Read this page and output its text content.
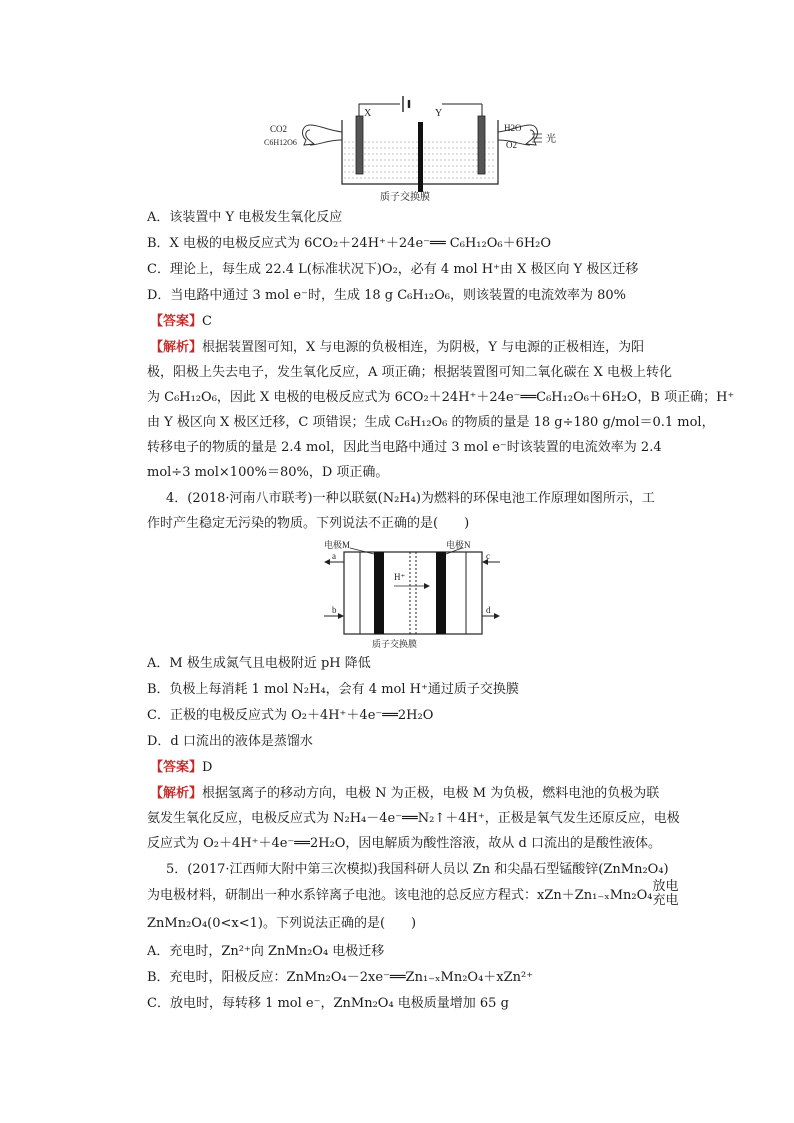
X	Y
CO2
C6H12O6
H2O
O2	光
质子交换膜
A．该装置中 Y 电极发生氧化反应
B．X 电极的电极反应式为 6CO₂＋24H⁺＋24e⁻══ C₆H₁₂O₆＋6H₂O
C．理论上，每生成 22.4 L(标准状况下)O₂，必有 4 mol H⁺由 X 极区向 Y 极区迁移
D．当电路中通过 3 mol e⁻时，生成 18 g C₆H₁₂O₆，则该装置的电流效率为 80%
【答案】C
【解析】根据装置图可知，X 与电源的负极相连，为阴极，Y 与电源的正极相连，为阳
极，阳极上失去电子，发生氧化反应，A 项正确；根据装置图可知二氧化碳在 X 电极上转化
为 C₆H₁₂O₆，因此 X 电极的电极反应式为 6CO₂＋24H⁺＋24e⁻══C₆H₁₂O₆＋6H₂O，B 项正确；H⁺
由 Y 极区向 X 极区迁移，C 项错误；生成 C₆H₁₂O₆ 的物质的量是 18 g÷180 g/mol＝0.1 mol，
转移电子的物质的量是 2.4 mol，因此当电路中通过 3 mol e⁻时该装置的电流效率为 2.4
mol÷3 mol×100%＝80%，D 项正确。
4．(2018·河南八市联考)一种以联氨(N₂H₄)为燃料的环保电池工作原理如图所示，工
作时产生稳定无污染的物质。下列说法不正确的是(　　)
电极M	电极N
a
b
c
d
H⁺
质子交换膜
A．M 极生成氮气且电极附近 pH 降低
B．负极上每消耗 1 mol N₂H₄，会有 4 mol H⁺通过质子交换膜
C．正极的电极反应式为 O₂＋4H⁺＋4e⁻══2H₂O
D．d 口流出的液体是蒸馏水
【答案】D
【解析】根据氢离子的移动方向，电极 N 为正极，电极 M 为负极，燃料电池的负极为联
氨发生氧化反应，电极反应式为 N₂H₄－4e⁻══N₂↑＋4H⁺，正极是氧气发生还原反应，电极
反应式为 O₂＋4H⁺＋4e⁻══2H₂O，因电解质为酸性溶液，故从 d 口流出的是酸性液体。
5．(2017·江西师大附中第三次模拟)我国科研人员以 Zn 和尖晶石型锰酸锌(ZnMn₂O₄)
为电极材料，研制出一种水系锌离子电池。该电池的总反应方程式：xZn＋Zn₁₋ₓMn₂O₄
放电
充电
ZnMn₂O₄(0<x<1)。下列说法正确的是(　　)
A．充电时，Zn²⁺向 ZnMn₂O₄ 电极迁移
B．充电时，阳极反应：ZnMn₂O₄－2xe⁻══Zn₁₋ₓMn₂O₄＋xZn²⁺
C．放电时，每转移 1 mol e⁻，ZnMn₂O₄ 电极质量增加 65 g
